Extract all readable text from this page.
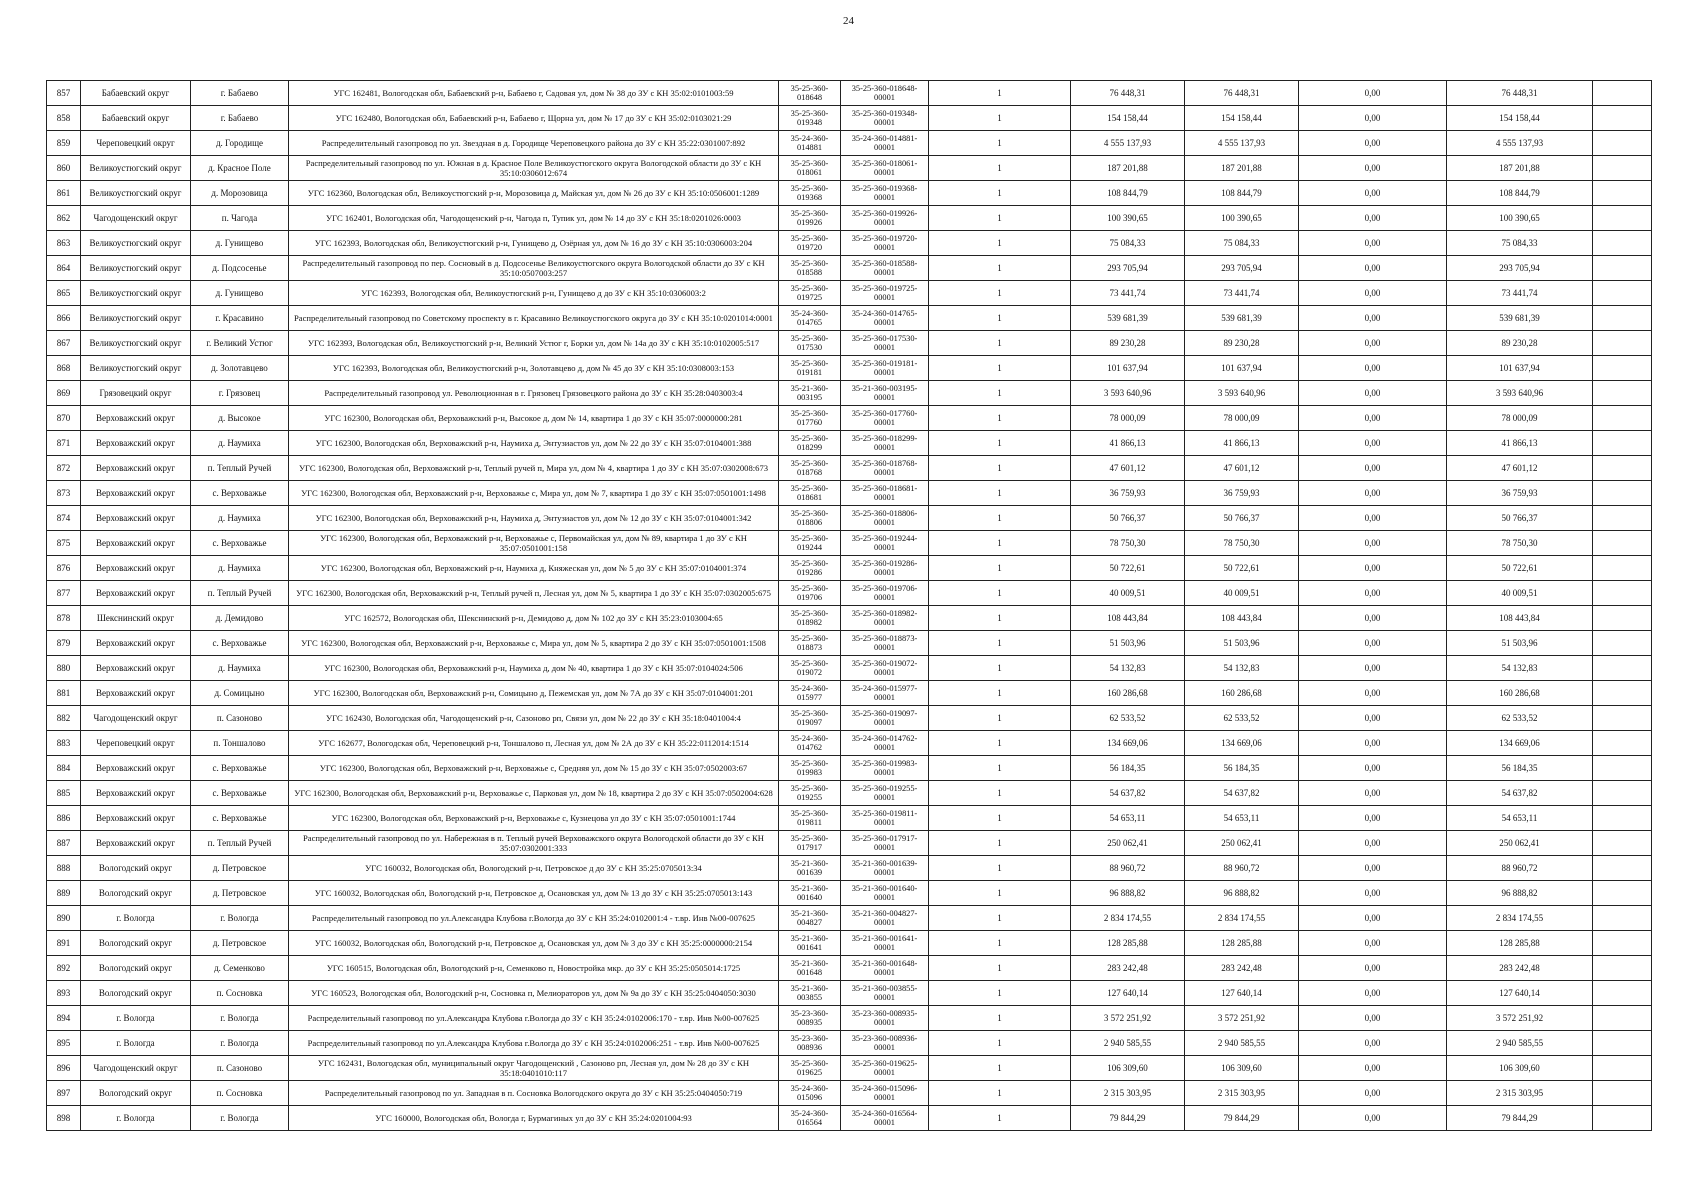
24
857	Бабаевский округ	г. Бабаево	УГС 162481, Вологодская обл, Бабаевский р-н, Бабаево г, Садовая ул, дом № 38 до ЗУ с КН 35:02:0101003:59	35-25-360-018648	35-25-360-018648-00001	1	76 448,31	76 448,31	0,00	76 448,31	
858	Бабаевский округ	г. Бабаево	УГС 162480, Вологодская обл, Бабаевский р-н, Бабаево г, Щорна ул, дом № 17 до ЗУ с КН 35:02:0103021:29	35-25-360-019348	35-25-360-019348-00001	1	154 158,44	154 158,44	0,00	154 158,44	
859	Череповецкий округ	д. Городище	Распределительный газопровод по ул. Звездная в д. Городище Череповецкого района до ЗУ с КН 35:22:0301007:892	35-24-360-014881	35-24-360-014881-00001	1	4 555 137,93	4 555 137,93	0,00	4 555 137,93	
860	Великоустюгский округ	д. Красное Поле	Распределительный газопровод по ул. Южная в д. Красное Поле Великоустюгского округа Вологодской области до ЗУ с КН 35:10:0306012:674	35-25-360-018061	35-25-360-018061-00001	1	187 201,88	187 201,88	0,00	187 201,88	
861	Великоустюгский округ	д. Морозовица	УГС 162360, Вологодская обл, Великоустюгский р-н, Морозовица д, Майская ул, дом № 26 до ЗУ с КН 35:10:0506001:1289	35-25-360-019368	35-25-360-019368-00001	1	108 844,79	108 844,79	0,00	108 844,79	
862	Чагодощенский округ	п. Чагода	УГС 162401, Вологодская обл, Чагодощенский р-н, Чагода п, Тупик ул, дом № 14 до ЗУ с КН 35:18:0201026:0003	35-25-360-019926	35-25-360-019926-00001	1	100 390,65	100 390,65	0,00	100 390,65	
863	Великоустюгский округ	д. Гунищево	УГС 162393, Вологодская обл, Великоустюгский р-н, Гунищево д, Озёрная ул, дом № 16 до ЗУ с КН 35:10:0306003:204	35-25-360-019720	35-25-360-019720-00001	1	75 084,33	75 084,33	0,00	75 084,33	
864	Великоустюгский округ	д. Подсосенье	Распределительный газопровод по пер. Сосновый в д. Подсосенье Великоустюгского округа Вологодской области до ЗУ с КН 35:10:0507003:257	35-25-360-018588	35-25-360-018588-00001	1	293 705,94	293 705,94	0,00	293 705,94	
865	Великоустюгский округ	д. Гунищево	УГС 162393, Вологодская обл, Великоустюгский р-н, Гунищево д до ЗУ с КН 35:10:0306003:2	35-25-360-019725	35-25-360-019725-00001	1	73 441,74	73 441,74	0,00	73 441,74	
866	Великоустюгский округ	г. Красавино	Распределительный газопровод по Советскому проспекту в г. Красавино Великоустюгского округа до ЗУ с КН 35:10:0201014:0001	35-24-360-014765	35-24-360-014765-00001	1	539 681,39	539 681,39	0,00	539 681,39	
867	Великоустюгский округ	г. Великий Устюг	УГС 162393, Вологодская обл, Великоустюгский р-н, Великий Устюг г, Борки ул, дом № 14а до ЗУ с КН 35:10:0102005:517	35-25-360-017530	35-25-360-017530-00001	1	89 230,28	89 230,28	0,00	89 230,28	
868	Великоустюгский округ	д. Золотавцево	УГС 162393, Вологодская обл, Великоустюгский р-н, Золотавцево д, дом № 45 до ЗУ с КН 35:10:0308003:153	35-25-360-019181	35-25-360-019181-00001	1	101 637,94	101 637,94	0,00	101 637,94	
869	Грязовецкий округ	г. Грязовец	Распределительный газопровод ул. Революционная в г. Грязовец Грязовецкого района до ЗУ с КН 35:28:0403003:4	35-21-360-003195	35-21-360-003195-00001	1	3 593 640,96	3 593 640,96	0,00	3 593 640,96	
870	Верховажский округ	д. Высокое	УГС 162300, Вологодская обл, Верховажский р-н, Высокое д, дом № 14, квартира 1 до ЗУ с КН 35:07:0000000:281	35-25-360-017760	35-25-360-017760-00001	1	78 000,09	78 000,09	0,00	78 000,09	
871	Верховажский округ	д. Наумиха	УГС 162300, Вологодская обл, Верховажский р-н, Наумиха д, Энтузиастов ул, дом № 22 до ЗУ с КН 35:07:0104001:388	35-25-360-018299	35-25-360-018299-00001	1	41 866,13	41 866,13	0,00	41 866,13	
872	Верховажский округ	п. Теплый Ручей	УГС 162300, Вологодская обл, Верховажский р-н, Теплый ручей п, Мира ул, дом № 4, квартира 1 до ЗУ с КН 35:07:0302008:673	35-25-360-018768	35-25-360-018768-00001	1	47 601,12	47 601,12	0,00	47 601,12	
873	Верховажский округ	с. Верховажье	УГС 162300, Вологодская обл, Верховажский р-н, Верховажье с, Мира ул, дом № 7, квартира 1 до ЗУ с КН 35:07:0501001:1498	35-25-360-018681	35-25-360-018681-00001	1	36 759,93	36 759,93	0,00	36 759,93	
874	Верховажский округ	д. Наумиха	УГС 162300, Вологодская обл, Верховажский р-н, Наумиха д, Энтузиастов ул, дом № 12 до ЗУ с КН 35:07:0104001:342	35-25-360-018806	35-25-360-018806-00001	1	50 766,37	50 766,37	0,00	50 766,37	
875	Верховажский округ	с. Верховажье	УГС 162300, Вологодская обл, Верховажский р-н, Верховажье с, Первомайская ул, дом № 89, квартира 1 до ЗУ с КН 35:07:0501001:158	35-25-360-019244	35-25-360-019244-00001	1	78 750,30	78 750,30	0,00	78 750,30	
876	Верховажский округ	д. Наумиха	УГС 162300, Вологодская обл, Верховажский р-н, Наумиха д, Княжеская ул, дом № 5 до ЗУ с КН 35:07:0104001:374	35-25-360-019286	35-25-360-019286-00001	1	50 722,61	50 722,61	0,00	50 722,61	
877	Верховажский округ	п. Теплый Ручей	УГС 162300, Вологодская обл, Верховажский р-н, Теплый ручей п, Лесная ул, дом № 5, квартира 1 до ЗУ с КН 35:07:0302005:675	35-25-360-019706	35-25-360-019706-00001	1	40 009,51	40 009,51	0,00	40 009,51	
878	Шекснинский округ	д. Демидово	УГС 162572, Вологодская обл, Шекснинский р-н, Демидово д, дом № 102 до ЗУ с КН 35:23:0103004:65	35-25-360-018982	35-25-360-018982-00001	1	108 443,84	108 443,84	0,00	108 443,84	
879	Верховажский округ	с. Верховажье	УГС 162300, Вологодская обл, Верховажский р-н, Верховажье с, Мира ул, дом № 5, квартира 2 до ЗУ с КН 35:07:0501001:1508	35-25-360-018873	35-25-360-018873-00001	1	51 503,96	51 503,96	0,00	51 503,96	
880	Верховажский округ	д. Наумиха	УГС 162300, Вологодская обл, Верховажский р-н, Наумиха д, дом № 40, квартира 1 до ЗУ с КН 35:07:0104024:506	35-25-360-019072	35-25-360-019072-00001	1	54 132,83	54 132,83	0,00	54 132,83	
881	Верховажский округ	д. Сомицыно	УГС 162300, Вологодская обл, Верховажский р-н, Сомицыно д, Пежемская ул, дом № 7А до ЗУ с КН 35:07:0104001:201	35-24-360-015977	35-24-360-015977-00001	1	160 286,68	160 286,68	0,00	160 286,68	
882	Чагодощенский округ	п. Сазоново	УГС 162430, Вологодская обл, Чагодощенский р-н, Сазоново рп, Связи ул, дом № 22 до ЗУ с КН 35:18:0401004:4	35-25-360-019097	35-25-360-019097-00001	1	62 533,52	62 533,52	0,00	62 533,52	
883	Череповецкий округ	п. Тоншалово	УГС 162677, Вологодская обл, Череповецкий р-н, Тоншалово п, Лесная ул, дом № 2А до ЗУ с КН 35:22:0112014:1514	35-24-360-014762	35-24-360-014762-00001	1	134 669,06	134 669,06	0,00	134 669,06	
884	Верховажский округ	с. Верховажье	УГС 162300, Вологодская обл, Верховажский р-н, Верховажье с, Средняя ул, дом № 15 до ЗУ с КН 35:07:0502003:67	35-25-360-019983	35-25-360-019983-00001	1	56 184,35	56 184,35	0,00	56 184,35	
885	Верховажский округ	с. Верховажье	УГС 162300, Вологодская обл, Верховажский р-н, Верховажье с, Парковая ул, дом № 18, квартира 2 до ЗУ с КН 35:07:0502004:628	35-25-360-019255	35-25-360-019255-00001	1	54 637,82	54 637,82	0,00	54 637,82	
886	Верховажский округ	с. Верховажье	УГС 162300, Вологодская обл, Верховажский р-н, Верховажье с, Кузнецова ул до ЗУ с КН 35:07:0501001:1744	35-25-360-019811	35-25-360-019811-00001	1	54 653,11	54 653,11	0,00	54 653,11	
887	Верховажский округ	п. Теплый Ручей	Распределительный газопровод по ул. Набережная в п. Теплый ручей Верховажского округа Вологодской области до ЗУ с КН 35:07:0302001:333	35-25-360-017917	35-25-360-017917-00001	1	250 062,41	250 062,41	0,00	250 062,41	
888	Вологодский округ	д. Петровское	УГС 160032, Вологодская обл, Вологодский р-н, Петровское д до ЗУ с КН 35:25:0705013:34	35-21-360-001639	35-21-360-001639-00001	1	88 960,72	88 960,72	0,00	88 960,72	
889	Вологодский округ	д. Петровское	УГС 160032, Вологодская обл, Вологодский р-н, Петровское д, Осановская ул, дом № 13 до ЗУ с КН 35:25:0705013:143	35-21-360-001640	35-21-360-001640-00001	1	96 888,82	96 888,82	0,00	96 888,82	
890	г. Вологда	г. Вологда	Распределительный газопровод по ул.Александра Клубова г.Вологда до ЗУ с КН 35:24:0102001:4 - т.вр. Инв №00-007625	35-21-360-004827	35-21-360-004827-00001	1	2 834 174,55	2 834 174,55	0,00	2 834 174,55	
891	Вологодский округ	д. Петровское	УГС 160032, Вологодская обл, Вологодский р-н, Петровское д, Осановская ул, дом № 3 до ЗУ с КН 35:25:0000000:2154	35-21-360-001641	35-21-360-001641-00001	1	128 285,88	128 285,88	0,00	128 285,88	
892	Вологодский округ	д. Семенково	УГС 160515, Вологодская обл, Вологодский р-н, Семенково п, Новостройка мкр. до ЗУ с КН 35:25:0505014:1725	35-21-360-001648	35-21-360-001648-00001	1	283 242,48	283 242,48	0,00	283 242,48	
893	Вологодский округ	п. Сосновка	УГС 160523, Вологодская обл, Вологодский р-н, Сосновка п, Мелиораторов ул, дом № 9а до ЗУ с КН 35:25:0404050:3030	35-21-360-003855	35-21-360-003855-00001	1	127 640,14	127 640,14	0,00	127 640,14	
894	г. Вологда	г. Вологда	Распределительный газопровод по ул.Александра Клубова г.Вологда до ЗУ с КН 35:24:0102006:170 - т.вр. Инв №00-007625	35-23-360-008935	35-23-360-008935-00001	1	3 572 251,92	3 572 251,92	0,00	3 572 251,92	
895	г. Вологда	г. Вологда	Распределительный газопровод по ул.Александра Клубова г.Вологда до ЗУ с КН 35:24:0102006:251 - т.вр. Инв №00-007625	35-23-360-008936	35-23-360-008936-00001	1	2 940 585,55	2 940 585,55	0,00	2 940 585,55	
896	Чагодощенский округ	п. Сазоново	УГС 162431, Вологодская обл, муниципальный округ Чагодощенский , Сазоново рп, Лесная ул, дом № 28 до ЗУ с КН 35:18:0401010:117	35-25-360-019625	35-25-360-019625-00001	1	106 309,60	106 309,60	0,00	106 309,60	
897	Вологодский округ	п. Сосновка	Распределительный газопровод по ул. Западная в п. Сосновка Вологодского округа до ЗУ с КН 35:25:0404050:719	35-24-360-015096	35-24-360-015096-00001	1	2 315 303,95	2 315 303,95	0,00	2 315 303,95	
898	г. Вологда	г. Вологда	УГС 160000, Вологодская обл, Вологда г, Бурмагиных ул до ЗУ с КН 35:24:0201004:93	35-24-360-016564	35-24-360-016564-00001	1	79 844,29	79 844,29	0,00	79 844,29	
